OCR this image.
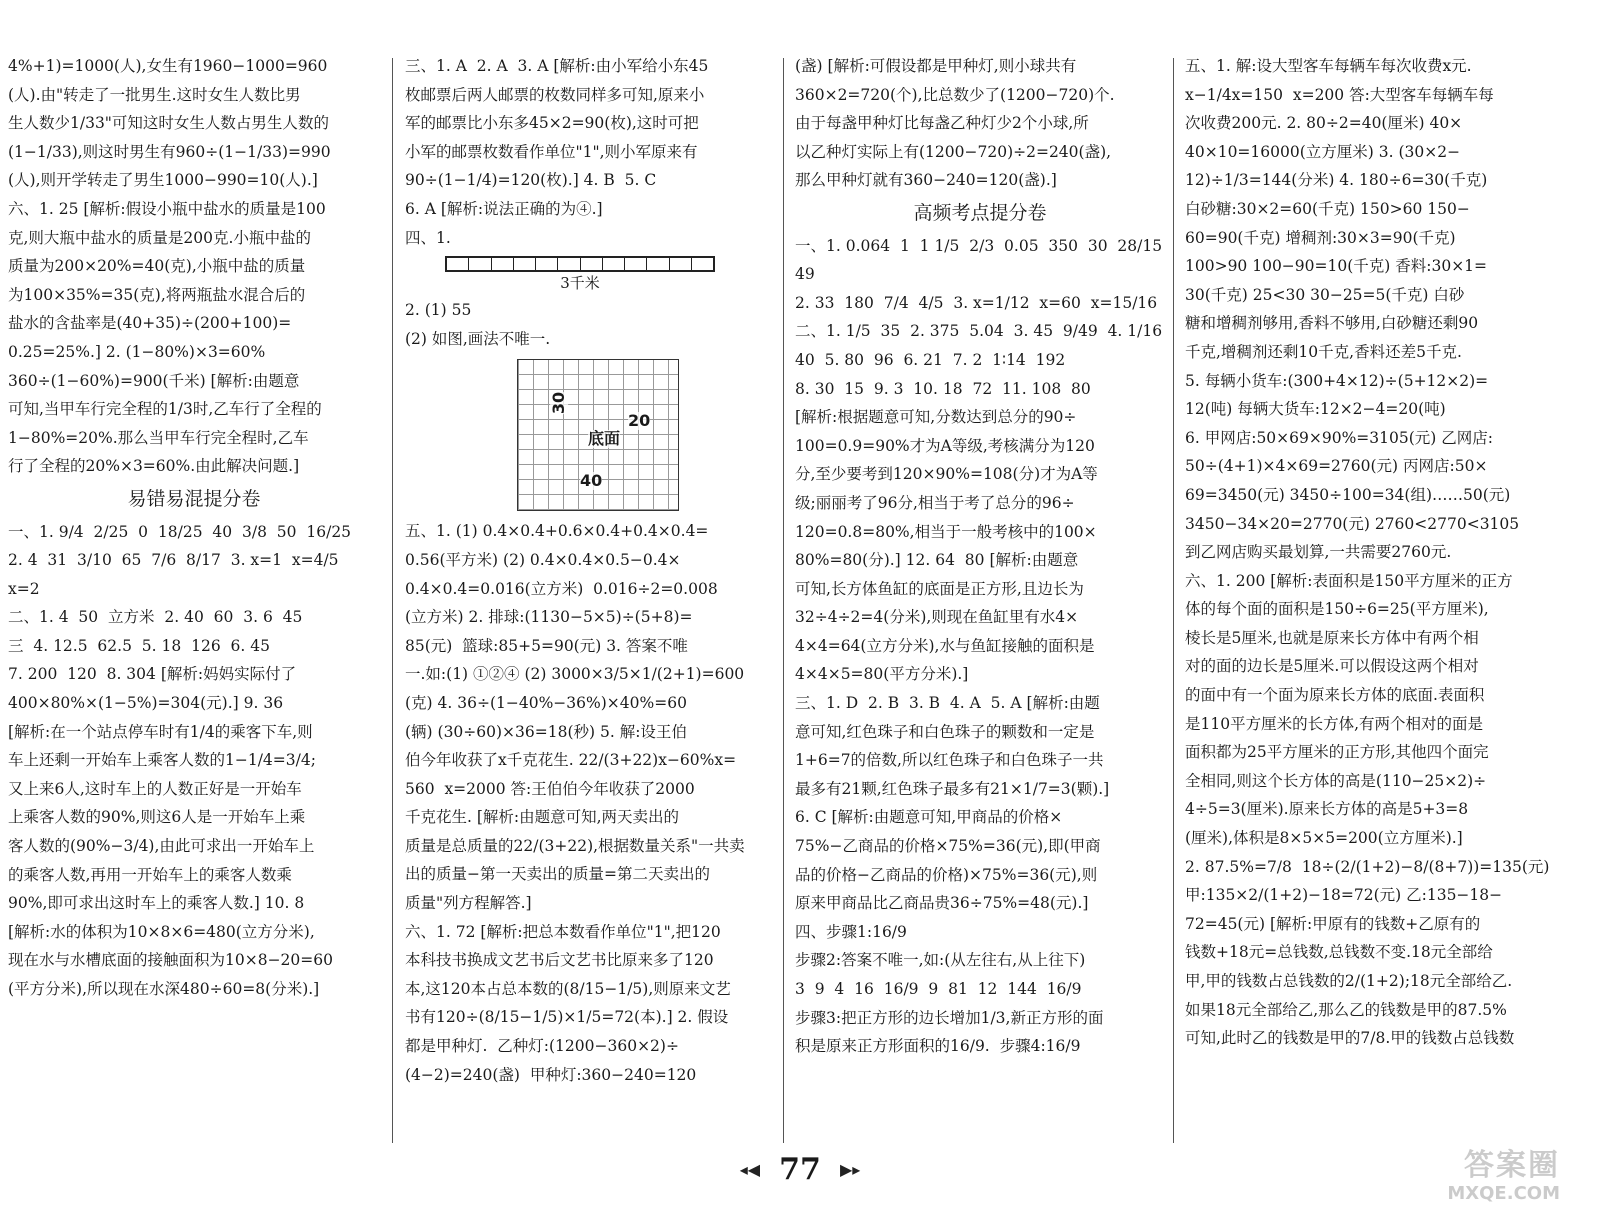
4%+1)=1000(人),女生有1960−1000=960

(人).由"转走了一批男生.这时女生人数比男

生人数少1/33"可知这时女生人数占男生人数的

(1−1/33),则这时男生有960÷(1−1/33)=990

(人),则开学转走了男生1000−990=10(人).]

六、1. 25 [解析:假设小瓶中盐水的质量是100

克,则大瓶中盐水的质量是200克.小瓶中盐的

质量为200×20%=40(克),小瓶中盐的质量

为100×35%=35(克),将两瓶盐水混合后的

盐水的含盐率是(40+35)÷(200+100)=

0.25=25%.] 2. (1−80%)×3=60%

360÷(1−60%)=900(千米) [解析:由题意

可知,当甲车行完全程的1/3时,乙车行了全程的

1−80%=20%.那么当甲车行完全程时,乙车

行了全程的20%×3=60%.由此解决问题.]

易错易混提分卷

一、1. 9/4  2/25  0  18/25  40  3/8  50  16/25

2. 4  31  3/10  65  7/6  8/17  3. x=1  x=4/5

x=2

二、1. 4  50  立方米  2. 40  60  3. 6  45

三  4. 12.5  62.5  5. 18  126  6. 45

7. 200  120  8. 304 [解析:妈妈实际付了

400×80%×(1−5%)=304(元).] 9. 36

[解析:在一个站点停车时有1/4的乘客下车,则

车上还剩一开始车上乘客人数的1−1/4=3/4;

又上来6人,这时车上的人数正好是一开始车

上乘客人数的90%,则这6人是一开始车上乘

客人数的(90%−3/4),由此可求出一开始车上

的乘客人数,再用一开始车上的乘客人数乘

90%,即可求出这时车上的乘客人数.] 10. 8

[解析:水的体积为10×8×6=480(立方分米),

现在水与水槽底面的接触面积为10×8−20=60

(平方分米),所以现在水深480÷60=8(分米).]

三、1. A  2. A  3. A [解析:由小军给小东45

枚邮票后两人邮票的枚数同样多可知,原来小

军的邮票比小东多45×2=90(枚),这时可把

小军的邮票枚数看作单位"1",则小军原来有

90÷(1−1/4)=120(枚).] 4. B  5. C

6. A [解析:说法正确的为④.]

四、1.

3千米

2. (1) 55

(2) 如图,画法不唯一.

30
底面
20
40

五、1. (1) 0.4×0.4+0.6×0.4+0.4×0.4=

0.56(平方米) (2) 0.4×0.4×0.5−0.4×

0.4×0.4=0.016(立方米)  0.016÷2=0.008

(立方米) 2. 排球:(1130−5×5)÷(5+8)=

85(元)  篮球:85+5=90(元) 3. 答案不唯

一.如:(1) ①②④ (2) 3000×3/5×1/(2+1)=600

(克) 4. 36÷(1−40%−36%)×40%=60

(辆) (30÷60)×36=18(秒) 5. 解:设王伯

伯今年收获了x千克花生. 22/(3+22)x−60%x=

560  x=2000 答:王伯伯今年收获了2000

千克花生. [解析:由题意可知,两天卖出的

质量是总质量的22/(3+22),根据数量关系"一共卖

出的质量−第一天卖出的质量=第二天卖出的

质量"列方程解答.]

六、1. 72 [解析:把总本数看作单位"1",把120

本科技书换成文艺书后文艺书比原来多了120

本,这120本占总本数的(8/15−1/5),则原来文艺

书有120÷(8/15−1/5)×1/5=72(本).] 2. 假设

都是甲种灯.  乙种灯:(1200−360×2)÷

(4−2)=240(盏)  甲种灯:360−240=120

(盏) [解析:可假设都是甲种灯,则小球共有

360×2=720(个),比总数少了(1200−720)个.

由于每盏甲种灯比每盏乙种灯少2个小球,所

以乙种灯实际上有(1200−720)÷2=240(盏),

那么甲种灯就有360−240=120(盏).]

高频考点提分卷

一、1. 0.064  1  1 1/5  2/3  0.05  350  30  28/15  49

2. 33  180  7/4  4/5  3. x=1/12  x=60  x=15/16

二、1. 1/5  35  2. 375  5.04  3. 45  9/49  4. 1/16

40  5. 80  96  6. 21  7. 2  1∶14  192

8. 30  15  9. 3  10. 18  72  11. 108  80

[解析:根据题意可知,分数达到总分的90÷

100=0.9=90%才为A等级,考核满分为120

分,至少要考到120×90%=108(分)才为A等

级;丽丽考了96分,相当于考了总分的96÷

120=0.8=80%,相当于一般考核中的100×

80%=80(分).] 12. 64  80 [解析:由题意

可知,长方体鱼缸的底面是正方形,且边长为

32÷4÷2=4(分米),则现在鱼缸里有水4×

4×4=64(立方分米),水与鱼缸接触的面积是

4×4×5=80(平方分米).]

三、1. D  2. B  3. B  4. A  5. A [解析:由题

意可知,红色珠子和白色珠子的颗数和一定是

1+6=7的倍数,所以红色珠子和白色珠子一共

最多有21颗,红色珠子最多有21×1/7=3(颗).]

6. C [解析:由题意可知,甲商品的价格×

75%−乙商品的价格×75%=36(元),即(甲商

品的价格−乙商品的价格)×75%=36(元),则

原来甲商品比乙商品贵36÷75%=48(元).]

四、步骤1:16/9

步骤2:答案不唯一,如:(从左往右,从上往下)

3  9  4  16  16/9  9  81  12  144  16/9

步骤3:把正方形的边长增加1/3,新正方形的面

积是原来正方形面积的16/9.  步骤4:16/9

五、1. 解:设大型客车每辆车每次收费x元.

x−1/4x=150  x=200 答:大型客车每辆车每

次收费200元. 2. 80÷2=40(厘米) 40×

40×10=16000(立方厘米) 3. (30×2−

12)÷1/3=144(分米) 4. 180÷6=30(千克)

白砂糖:30×2=60(千克) 150>60 150−

60=90(千克) 增稠剂:30×3=90(千克)

100>90 100−90=10(千克) 香料:30×1=

30(千克) 25<30 30−25=5(千克) 白砂

糖和增稠剂够用,香料不够用,白砂糖还剩90

千克,增稠剂还剩10千克,香料还差5千克.

5. 每辆小货车:(300+4×12)÷(5+12×2)=

12(吨) 每辆大货车:12×2−4=20(吨)

6. 甲网店:50×69×90%=3105(元) 乙网店:

50÷(4+1)×4×69=2760(元) 丙网店:50×

69=3450(元) 3450÷100=34(组)……50(元)

3450−34×20=2770(元) 2760<2770<3105

到乙网店购买最划算,一共需要2760元.

六、1. 200 [解析:表面积是150平方厘米的正方

体的每个面的面积是150÷6=25(平方厘米),

棱长是5厘米,也就是原来长方体中有两个相

对的面的边长是5厘米.可以假设这两个相对

的面中有一个面为原来长方体的底面.表面积

是110平方厘米的长方体,有两个相对的面是

面积都为25平方厘米的正方形,其他四个面完

全相同,则这个长方体的高是(110−25×2)÷

4÷5=3(厘米).原来长方体的高是5+3=8

(厘米),体积是8×5×5=200(立方厘米).]

2. 87.5%=7/8  18÷(2/(1+2)−8/(8+7))=135(元)

甲:135×2/(1+2)−18=72(元) 乙:135−18−

72=45(元) [解析:甲原有的钱数+乙原有的

钱数+18元=总钱数,总钱数不变.18元全部给

甲,甲的钱数占总钱数的2/(1+2);18元全部给乙.

如果18元全部给乙,那么乙的钱数是甲的87.5%

可知,此时乙的钱数是甲的7/8.甲的钱数占总钱数

◂◀ 77 ▶▸	答案圈
MXQE.COM
